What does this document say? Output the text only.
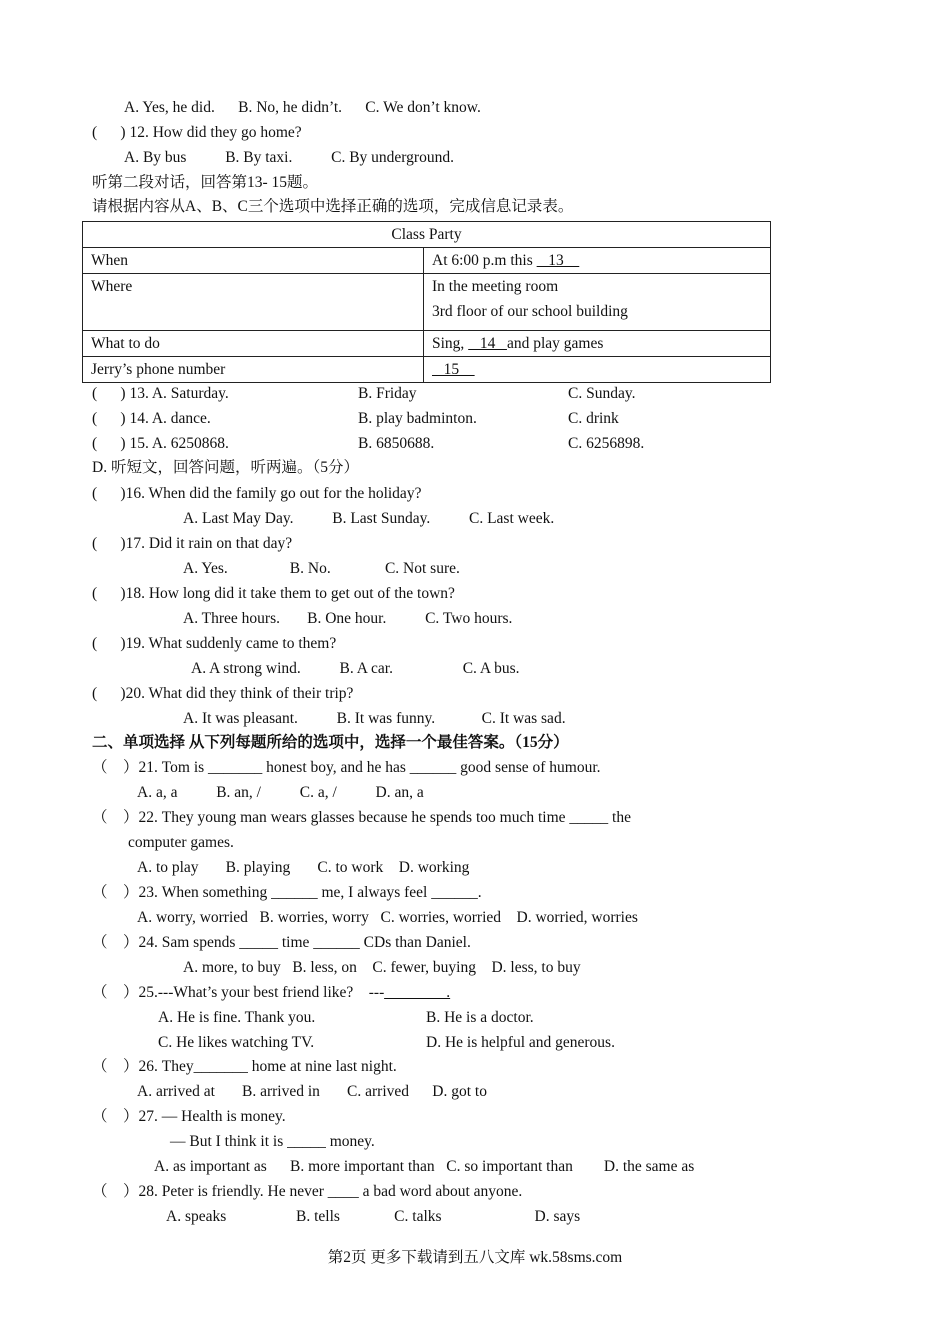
A. Yes, he did.      B. No, he didn’t.      C. We don’t know.
(      ) 12. How did they go home?
A. By bus          B. By taxi.          C. By underground.
听第二段对话，回答第13- 15题。
请根据内容从A、B、C三个选项中选择正确的选项，完成信息记录表。
Class Party	
When	At 6:00 p.m this    13
Where	In the meeting room
3rd floor of our school building

What to do	Sing,    14   and play games
Jerry’s phone number	15
(      ) 13. A. Saturday.	B. Friday	C. Sunday.
(      ) 14. A. dance.	B. play badminton.	C. drink
(      ) 15. A. 6250868.	B. 6850688.	C. 6256898.
D. 听短文，回答问题，听两遍。（5分）
(      )16. When did the family go out for the holiday?
A. Last May Day.          B. Last Sunday.          C. Last week.
(      )17. Did it rain on that day?
A. Yes.                B. No.              C. Not sure.
(      )18. How long did it take them to get out of the town?
A. Three hours.       B. One hour.          C. Two hours.
(      )19. What suddenly came to them?
A. A strong wind.          B. A car.                  C. A bus.
(      )20. What did they think of their trip?
A. It was pleasant.          B. It was funny.            C. It was sad.
二、单项选择 从下列每题所给的选项中，选择一个最佳答案。（15分）
（    ）21. Tom is _______ honest boy, and he has ______ good sense of humour.
A. a, a          B. an, /          C. a, /          D. an, a
（    ）22. They young man wears glasses because he spends too much time _____ the
computer games.
A. to play       B. playing       C. to work    D. working
（    ）23. When something ______ me, I always feel ______.
A. worry, worried   B. worries, worry   C. worries, worried    D. worried, worries
（    ）24. Sam spends _____ time ______ CDs than Daniel.
A. more, to buy   B. less, on    C. fewer, buying    D. less, to buy
（    ）25.---What’s your best friend like?    ---________.
A. He is fine. Thank you.	B. He is a doctor.
C. He likes watching TV.	D. He is helpful and generous.
（    ）26. They_______ home at nine last night.
A. arrived at       B. arrived in       C. arrived      D. got to
（    ）27. — Health is money.
— But I think it is _____ money.
A. as important as      B. more important than   C. so important than        D. the same as
（    ）28. Peter is friendly. He never ____ a bad word about anyone.
A. speaks                  B. tells              C. talks                        D. says
第2页 更多下载请到五八文库 wk.58sms.com
